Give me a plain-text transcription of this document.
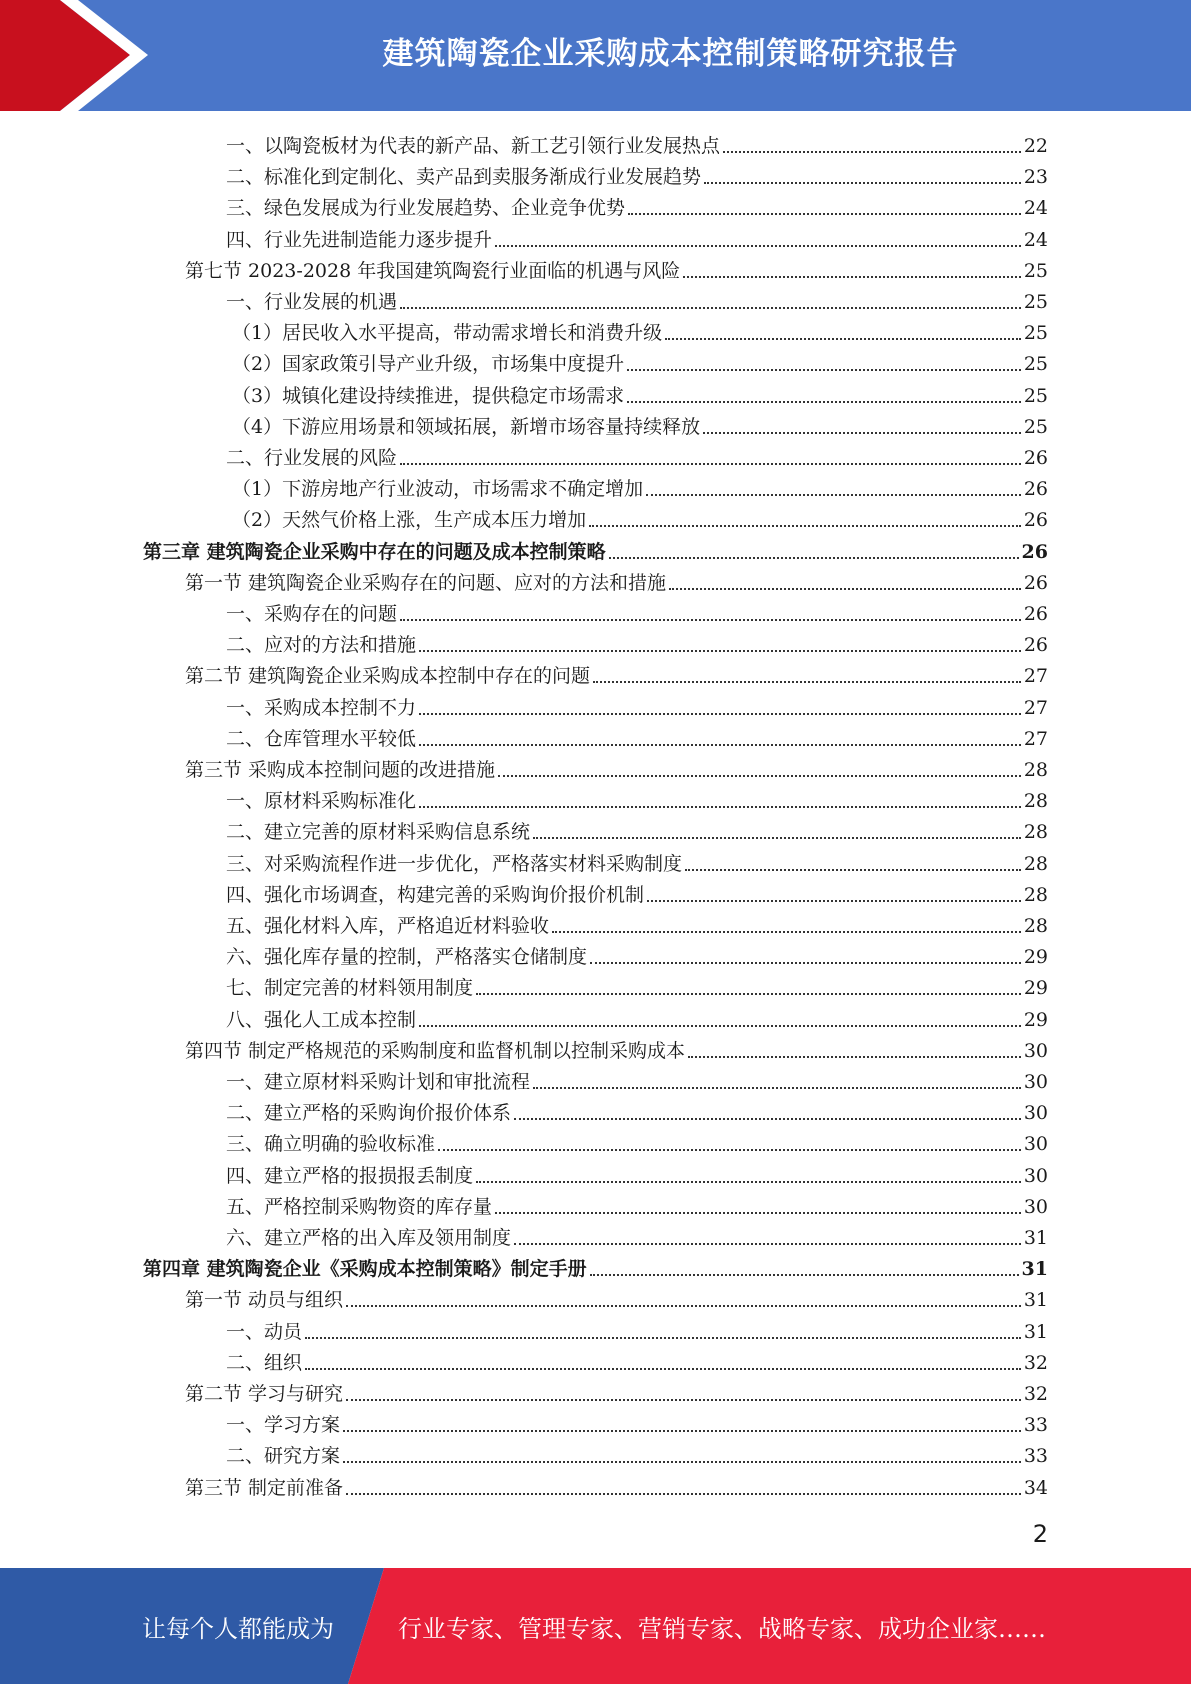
建筑陶瓷企业采购成本控制策略研究报告
一、以陶瓷板材为代表的新产品、新工艺引领行业发展热点	22
二、标准化到定制化、卖产品到卖服务渐成行业发展趋势	23
三、绿色发展成为行业发展趋势、企业竞争优势	24
四、行业先进制造能力逐步提升	24
第七节 2023-2028 年我国建筑陶瓷行业面临的机遇与风险	25
一、行业发展的机遇	25
（1）居民收入水平提高，带动需求增长和消费升级	25
（2）国家政策引导产业升级，市场集中度提升	25
（3）城镇化建设持续推进，提供稳定市场需求	25
（4）下游应用场景和领域拓展，新增市场容量持续释放	25
二、行业发展的风险	26
（1）下游房地产行业波动，市场需求不确定增加	26
（2）天然气价格上涨，生产成本压力增加	26
第三章 建筑陶瓷企业采购中存在的问题及成本控制策略	26
第一节 建筑陶瓷企业采购存在的问题、应对的方法和措施	26
一、采购存在的问题	26
二、应对的方法和措施	26
第二节 建筑陶瓷企业采购成本控制中存在的问题	27
一、采购成本控制不力	27
二、仓库管理水平较低	27
第三节 采购成本控制问题的改进措施	28
一、原材料采购标准化	28
二、建立完善的原材料采购信息系统	28
三、对采购流程作进一步优化，严格落实材料采购制度	28
四、强化市场调查，构建完善的采购询价报价机制	28
五、强化材料入库，严格追近材料验收	28
六、强化库存量的控制，严格落实仓储制度	29
七、制定完善的材料领用制度	29
八、强化人工成本控制	29
第四节 制定严格规范的采购制度和监督机制以控制采购成本	30
一、建立原材料采购计划和审批流程	30
二、建立严格的采购询价报价体系	30
三、确立明确的验收标准	30
四、建立严格的报损报丢制度	30
五、严格控制采购物资的库存量	30
六、建立严格的出入库及领用制度	31
第四章 建筑陶瓷企业《采购成本控制策略》制定手册	31
第一节 动员与组织	31
一、动员	31
二、组织	32
第二节 学习与研究	32
一、学习方案	33
二、研究方案	33
第三节 制定前准备	34
2
让每个人都能成为	行业专家、管理专家、营销专家、战略专家、成功企业家……
